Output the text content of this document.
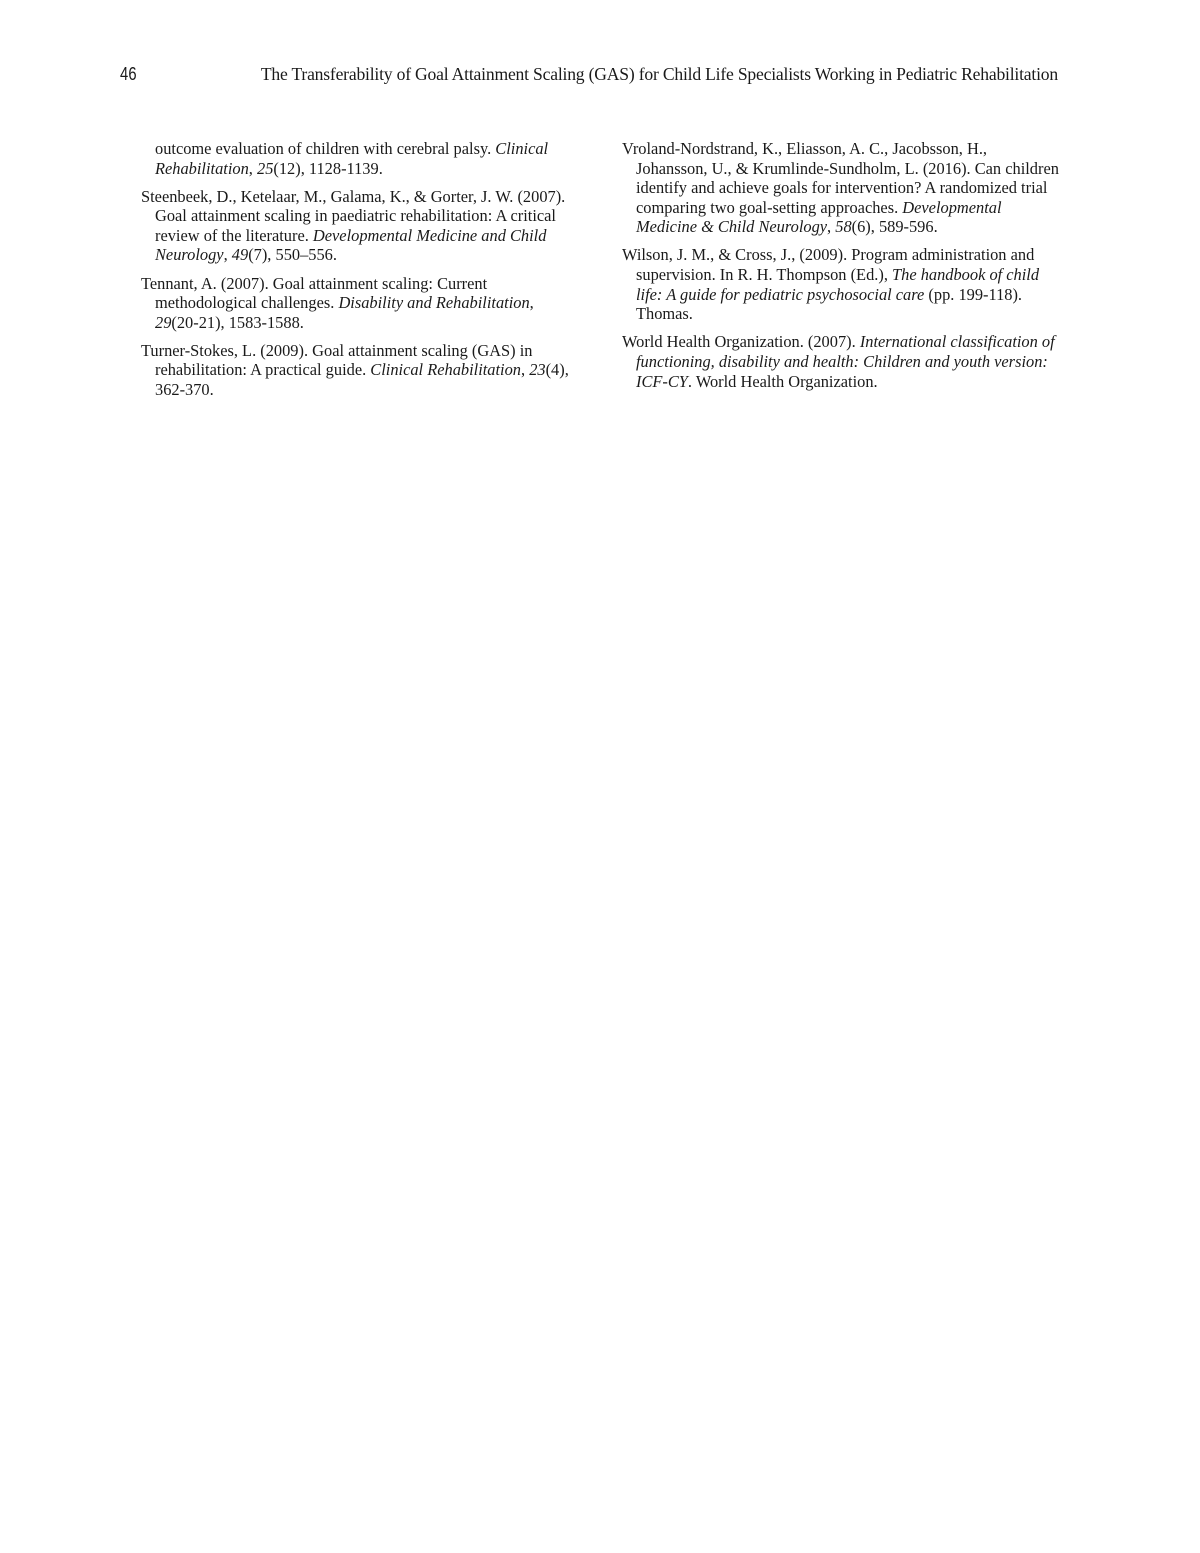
46	The Transferability of Goal Attainment Scaling (GAS) for Child Life Specialists Working in Pediatric Rehabilitation

outcome evaluation of children with cerebral palsy. Clinical Rehabilitation, 25(12), 1128-1139.

Steenbeek, D., Ketelaar, M., Galama, K., & Gorter, J. W. (2007). Goal attainment scaling in paediatric rehabilitation: A critical review of the literature. Developmental Medicine and Child Neurology, 49(7), 550–556.

Tennant, A. (2007). Goal attainment scaling: Current methodological challenges. Disability and Rehabilitation, 29(20-21), 1583-1588.

Turner-Stokes, L. (2009). Goal attainment scaling (GAS) in rehabilitation: A practical guide. Clinical Rehabilitation, 23(4), 362-370.

Vroland-Nordstrand, K., Eliasson, A. C., Jacobsson, H., Johansson, U., & Krumlinde-Sundholm, L. (2016). Can children identify and achieve goals for intervention? A randomized trial comparing two goal-setting approaches. Developmental Medicine & Child Neurology, 58(6), 589-596.

Wilson, J. M., & Cross, J., (2009). Program administration and supervision. In R. H. Thompson (Ed.), The handbook of child life: A guide for pediatric psychosocial care (pp. 199-118). Thomas.

World Health Organization. (2007). International classification of functioning, disability and health: Children and youth version: ICF-CY. World Health Organization.
